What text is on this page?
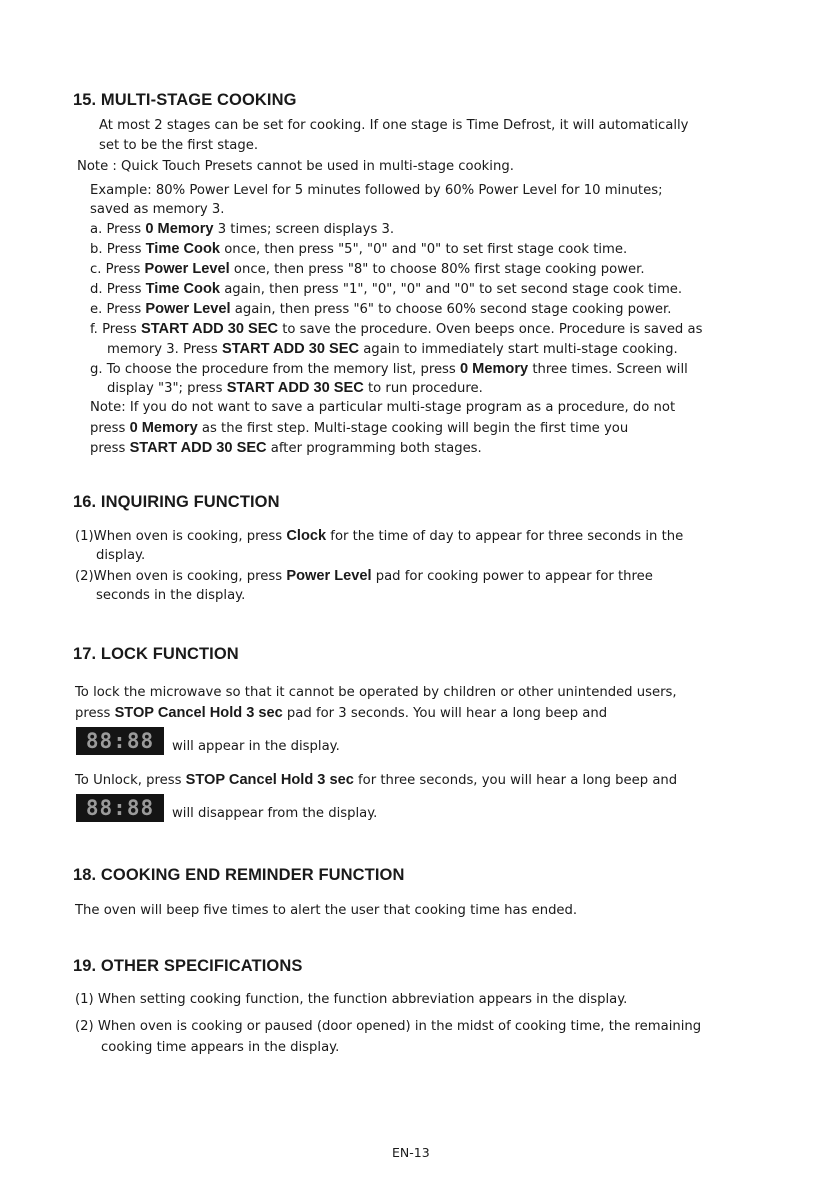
15. MULTI-STAGE COOKING

At most 2 stages can be set for cooking. If one stage is Time Defrost, it will automatically

set to be the first stage.

Note : Quick Touch Presets cannot be used in multi-stage cooking.

Example: 80% Power Level for 5 minutes followed by 60% Power Level for 10 minutes;

saved as memory 3.

a. Press 0 Memory 3 times; screen displays 3.

b. Press Time Cook once, then press "5", "0" and "0" to set first stage cook time.

c. Press Power Level once, then press "8" to choose 80% first stage cooking power.

d. Press Time Cook again, then press "1", "0", "0" and "0" to set second stage cook time.

e. Press Power Level again, then press "6" to choose 60% second stage cooking power.

f. Press START ADD 30 SEC to save the procedure. Oven beeps once. Procedure is saved as

memory 3. Press START ADD 30 SEC again to immediately start multi-stage cooking.

g. To choose the procedure from the memory list, press 0 Memory three times. Screen will

display "3"; press START ADD 30 SEC to run procedure.

Note: If you do not want to save a particular multi-stage program as a procedure, do not

press 0 Memory as the first step. Multi-stage cooking will begin the first time you

press START ADD 30 SEC after programming both stages.

16. INQUIRING FUNCTION

(1)When oven is cooking, press Clock for the time of day to appear for three seconds in the

display.

(2)When oven is cooking, press Power Level pad for cooking power to appear for three

seconds in the display.

17. LOCK FUNCTION

To lock the microwave so that it cannot be operated by children or other unintended users,

press STOP Cancel Hold 3 sec pad for 3 seconds. You will hear a long beep and

88:88 will appear in the display.

To Unlock, press STOP Cancel Hold 3 sec for three seconds, you will hear a long beep and

88:88 will disappear from the display.

18. COOKING END REMINDER FUNCTION

The oven will beep five times to alert the user that cooking time has ended.

19. OTHER SPECIFICATIONS

(1) When setting cooking function, the function abbreviation appears in the display.

(2) When oven is cooking or paused (door opened) in the midst of cooking time, the remaining

cooking time appears in the display.

EN-13
